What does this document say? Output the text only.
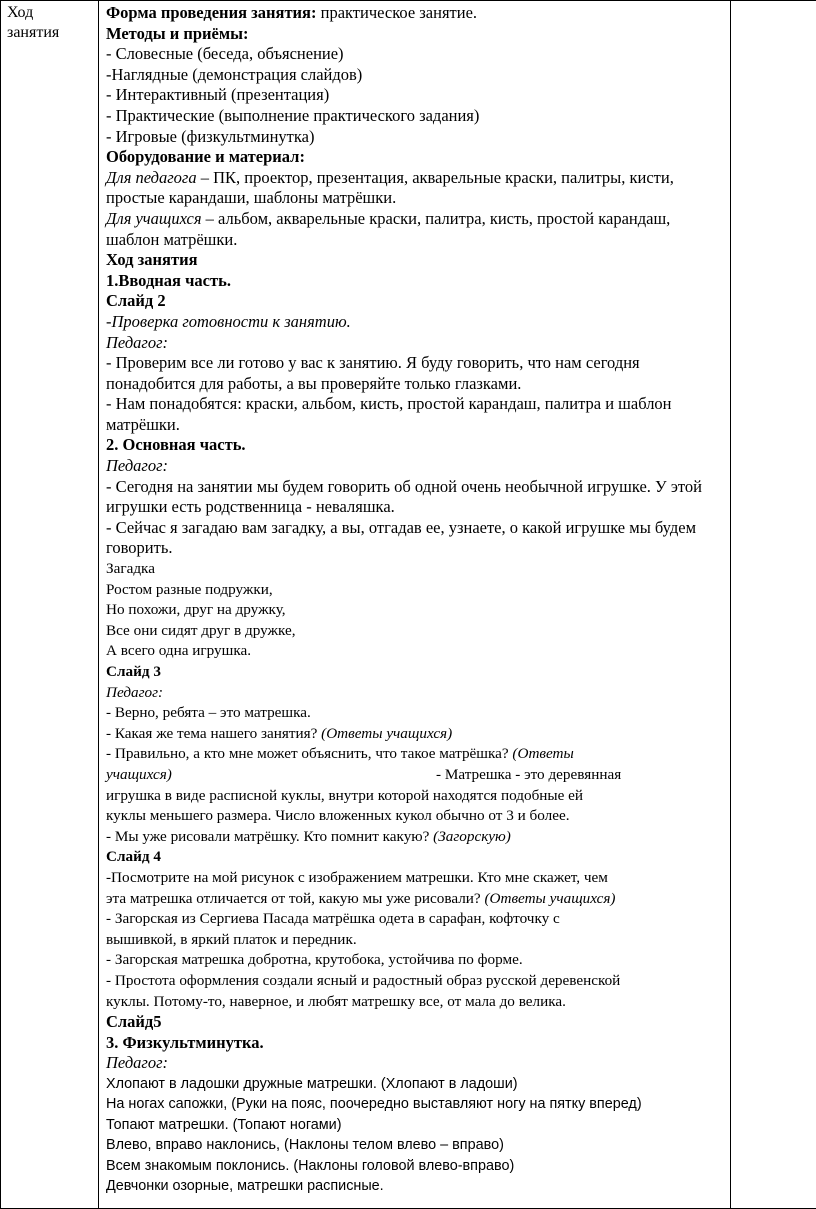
Ход занятия

Форма проведения занятия: практическое занятие.
Методы и приёмы:
- Словесные (беседа, объяснение)
-Наглядные (демонстрация слайдов)
- Интерактивный (презентация)
- Практические (выполнение практического задания)
- Игровые (физкультминутка)
Оборудование и материал:
Для педагога – ПК, проектор, презентация, акварельные краски, палитры, кисти, простые карандаши, шаблоны матрёшки.
Для учащихся – альбом, акварельные краски, палитра, кисть, простой карандаш, шаблон матрёшки.
Ход занятия
1.Вводная часть.
Слайд 2
-Проверка готовности к занятию.
Педагог:
- Проверим все ли готово у вас к занятию. Я буду говорить, что нам сегодня понадобится для работы, а вы проверяйте только глазками.
- Нам понадобятся: краски, альбом, кисть, простой карандаш, палитра и шаблон матрёшки.
2. Основная часть.
Педагог:
- Сегодня на занятии мы будем говорить об одной очень необычной игрушке. У этой игрушки есть родственница - неваляшка.
- Сейчас я загадаю вам загадку, а вы, отгадав ее, узнаете, о какой игрушке мы будем говорить.
Загадка
Ростом разные подружки,
Но похожи, друг на дружку,
Все они сидят друг в дружке,
А всего одна игрушка.
Слайд 3
Педагог:
- Верно, ребята – это матрешка.
- Какая же тема нашего занятия? (Ответы учащихся)
- Правильно, а кто мне может объяснить, что такое матрёшка? (Ответы
учащихся)	- Матрешка - это деревянная
игрушка в виде расписной куклы, внутри которой находятся подобные ей
куклы меньшего размера. Число вложенных кукол обычно от 3 и более.
- Мы уже рисовали матрёшку. Кто помнит какую? (Загорскую)
Слайд 4
-Посмотрите на мой рисунок с изображением матрешки. Кто мне скажет, чем
эта матрешка отличается от той, какую мы уже рисовали? (Ответы учащихся)
- Загорская из Сергиева Пасада матрёшка одета в сарафан, кофточку с
вышивкой, в яркий платок и передник.
- Загорская матрешка добротна, крутобока, устойчива по форме.
- Простота оформления создали ясный и радостный образ русской деревенской
куклы. Потому-то, наверное, и любят матрешку все, от мала до велика.
Слайд5
3. Физкультминутка.
Педагог:
Хлопают в ладошки дружные матрешки. (Хлопают в ладоши)
На ногах сапожки, (Руки на пояс, поочередно выставляют ногу на пятку вперед)
Топают матрешки. (Топают ногами)
Влево, вправо наклонись, (Наклоны телом влево – вправо)
Всем знакомым поклонись. (Наклоны головой влево-вправо)
Девчонки озорные, матрешки расписные.
